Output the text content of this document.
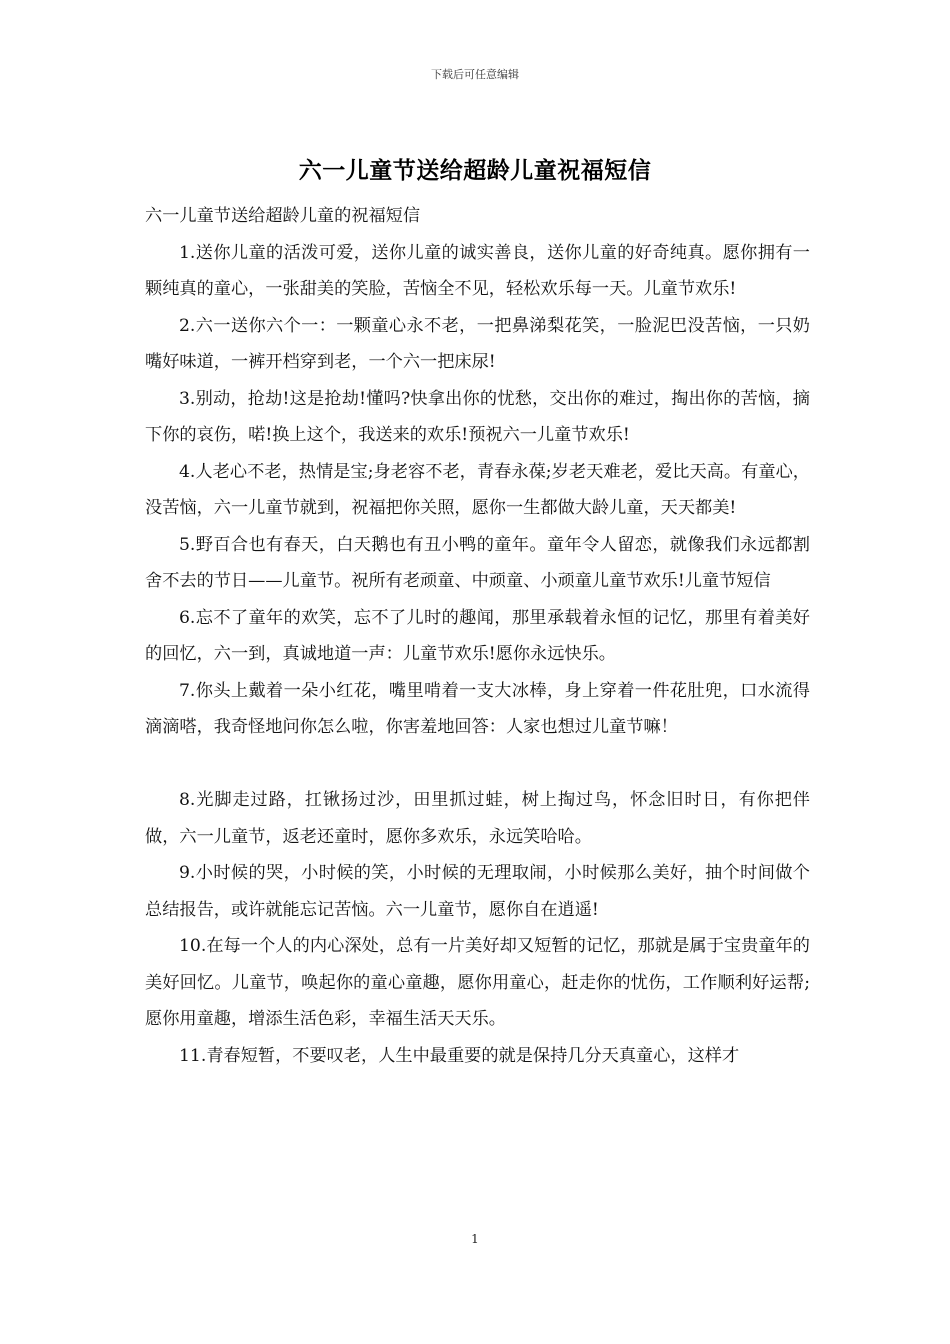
下载后可任意编辑
六一儿童节送给超龄儿童祝福短信

六一儿童节送给超龄儿童的祝福短信

1.送你儿童的活泼可爱，送你儿童的诚实善良，送你儿童的好奇纯真。愿你拥有一颗纯真的童心，一张甜美的笑脸，苦恼全不见，轻松欢乐每一天。儿童节欢乐!

2.六一送你六个一：一颗童心永不老，一把鼻涕梨花笑，一脸泥巴没苦恼，一只奶嘴好味道，一裤开档穿到老，一个六一把床尿!

3.别动，抢劫!这是抢劫!懂吗?快拿出你的忧愁，交出你的难过，掏出你的苦恼，摘下你的哀伤，喏!换上这个，我送来的欢乐!预祝六一儿童节欢乐!

4.人老心不老，热情是宝;身老容不老，青春永葆;岁老天难老，爱比天高。有童心，没苦恼，六一儿童节就到，祝福把你关照，愿你一生都做大龄儿童，天天都美!

5.野百合也有春天，白天鹅也有丑小鸭的童年。童年令人留恋，就像我们永远都割舍不去的节日——儿童节。祝所有老顽童、中顽童、小顽童儿童节欢乐!儿童节短信

6.忘不了童年的欢笑，忘不了儿时的趣闻，那里承载着永恒的记忆，那里有着美好的回忆，六一到，真诚地道一声：儿童节欢乐!愿你永远快乐。

7.你头上戴着一朵小红花，嘴里啃着一支大冰棒，身上穿着一件花肚兜，口水流得滴滴嗒，我奇怪地问你怎么啦，你害羞地回答：人家也想过儿童节嘛！

8.光脚走过路，扛锹扬过沙，田里抓过蛙，树上掏过鸟，怀念旧时日，有你把伴做，六一儿童节，返老还童时，愿你多欢乐，永远笑哈哈。

9.小时候的哭，小时候的笑，小时候的无理取闹，小时候那么美好，抽个时间做个总结报告，或许就能忘记苦恼。六一儿童节，愿你自在逍遥!

10.在每一个人的内心深处，总有一片美好却又短暂的记忆，那就是属于宝贵童年的美好回忆。儿童节，唤起你的童心童趣，愿你用童心，赶走你的忧伤，工作顺利好运帮;愿你用童趣，增添生活色彩，幸福生活天天乐。

11.青春短暂，不要叹老，人生中最重要的就是保持几分天真童心，这样才

1
